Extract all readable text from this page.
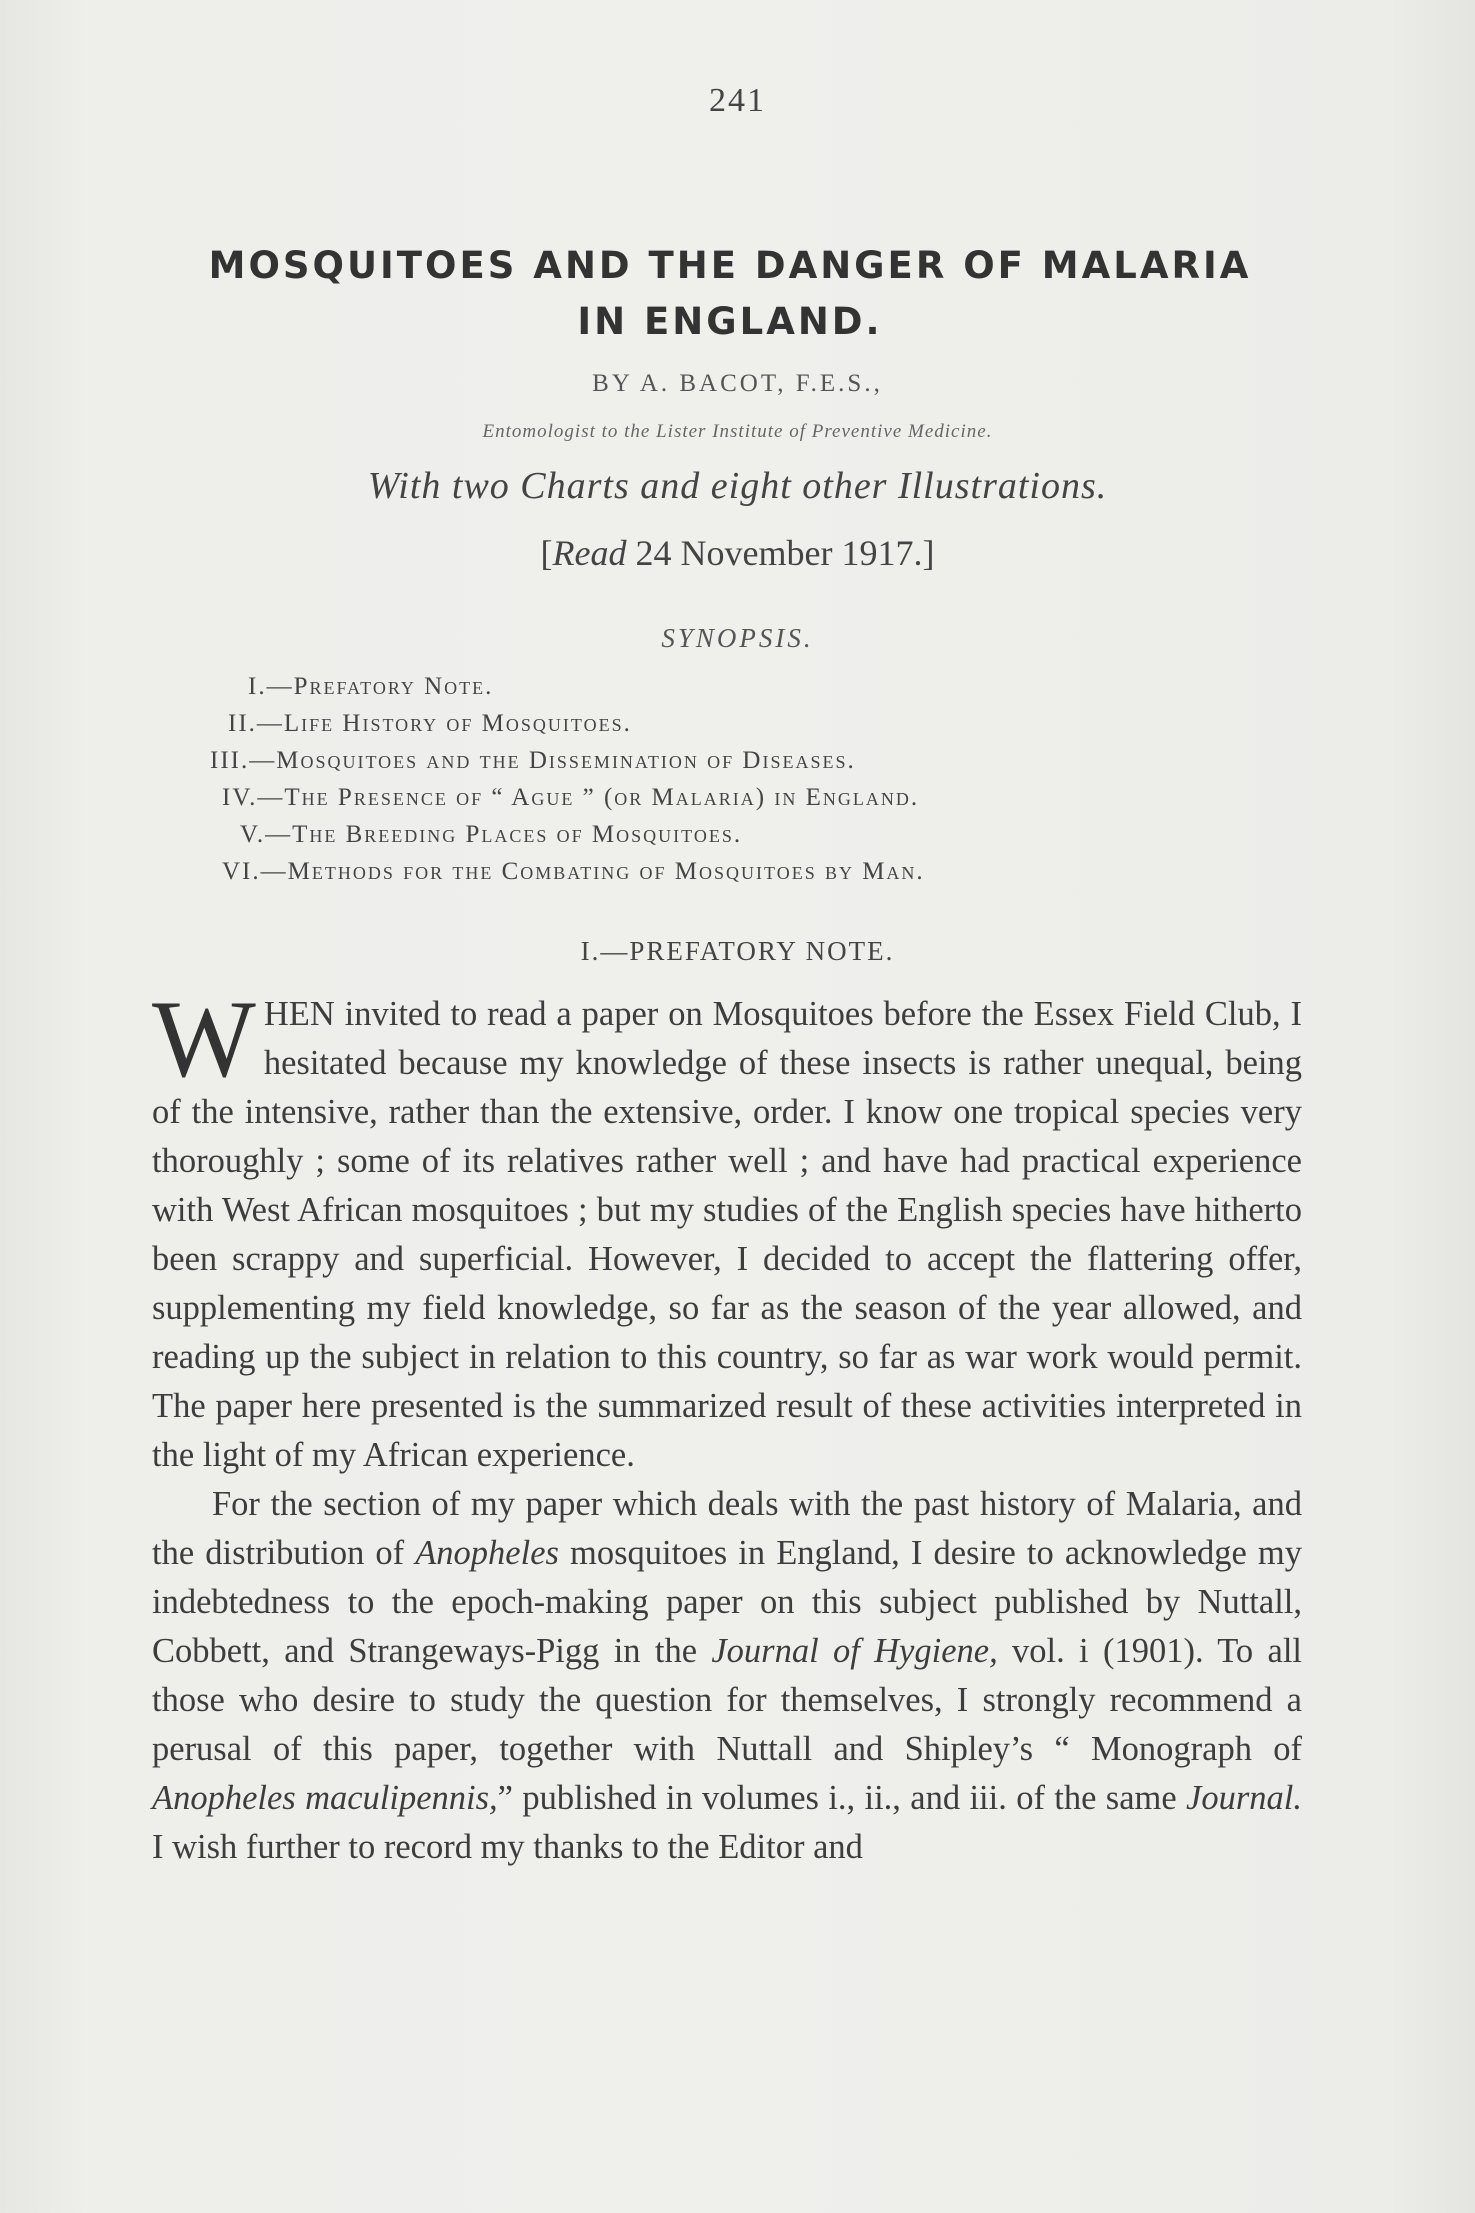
241
MOSQUITOES AND THE DANGER OF MALARIA
IN ENGLAND.
BY A. BACOT, F.E.S.,
Entomologist to the Lister Institute of Preventive Medicine.
With two Charts and eight other Illustrations.
[Read 24 November 1917.]
SYNOPSIS.
I.—Prefatory Note.
II.—Life History of Mosquitoes.
III.—Mosquitoes and the Dissemination of Diseases.
IV.—The Presence of “ Ague ” (or Malaria) in England.
V.—The Breeding Places of Mosquitoes.
VI.—Methods for the Combating of Mosquitoes by Man.
I.—PREFATORY NOTE.

WHEN invited to read a paper on Mosquitoes before the Essex Field Club, I hesitated because my knowledge of these insects is rather unequal, being of the intensive, rather than the extensive, order. I know one tropical species very thoroughly ; some of its relatives rather well ; and have had practical experience with West African mosquitoes ; but my studies of the English species have hitherto been scrappy and superficial. However, I decided to accept the flattering offer, supplementing my field knowledge, so far as the season of the year allowed, and reading up the subject in relation to this country, so far as war work would permit. The paper here presented is the summarized result of these activities interpreted in the light of my African experience.

For the section of my paper which deals with the past history of Malaria, and the distribution of Anopheles mosquitoes in England, I desire to acknowledge my indebtedness to the epoch-making paper on this subject published by Nuttall, Cobbett, and Strangeways-Pigg in the Journal of Hygiene, vol. i (1901). To all those who desire to study the question for themselves, I strongly recommend a perusal of this paper, together with Nuttall and Shipley’s “ Monograph of Anopheles maculipennis,” published in volumes i., ii., and iii. of the same Journal. I wish further to record my thanks to the Editor and
